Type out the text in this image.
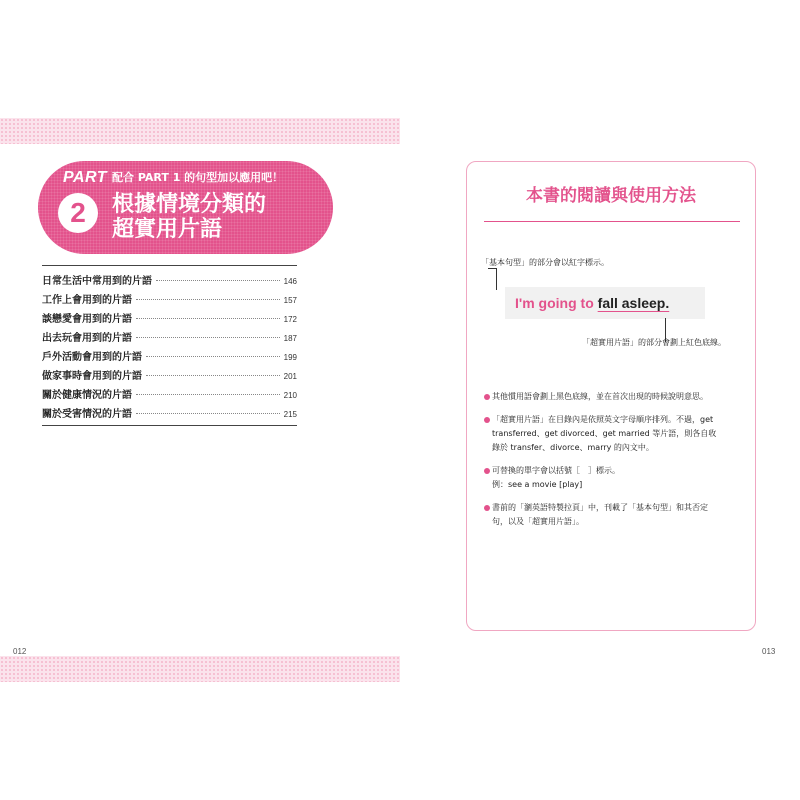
PART
2
配合 PART 1 的句型加以應用吧！
根據情境分類的
超實用片語
日常生活中常用到的片語	146
工作上會用到的片語	157
談戀愛會用到的片語	172
出去玩會用到的片語	187
戶外活動會用到的片語	199
做家事時會用到的片語	201
關於健康情況的片語	210
關於受害情況的片語	215
012	013
本書的閱讀與使用方法
「基本句型」的部分會以紅字標示。
I'm going to fall asleep.
「超實用片語」的部分會劃上紅色底線。
其他慣用語會劃上黑色底線，並在首次出現的時候說明意思。
「超實用片語」在目錄內是依照英文字母順序排列。不過，get
transferred、get divorced、get married 等片語，則各自收
錄於 transfer、divorce、marry 的內文中。
可替換的單字會以括號［　］標示。
例：see a movie [play]
書前的「瀏英語特製拉頁」中，刊載了「基本句型」和其否定
句，以及「超實用片語」。
